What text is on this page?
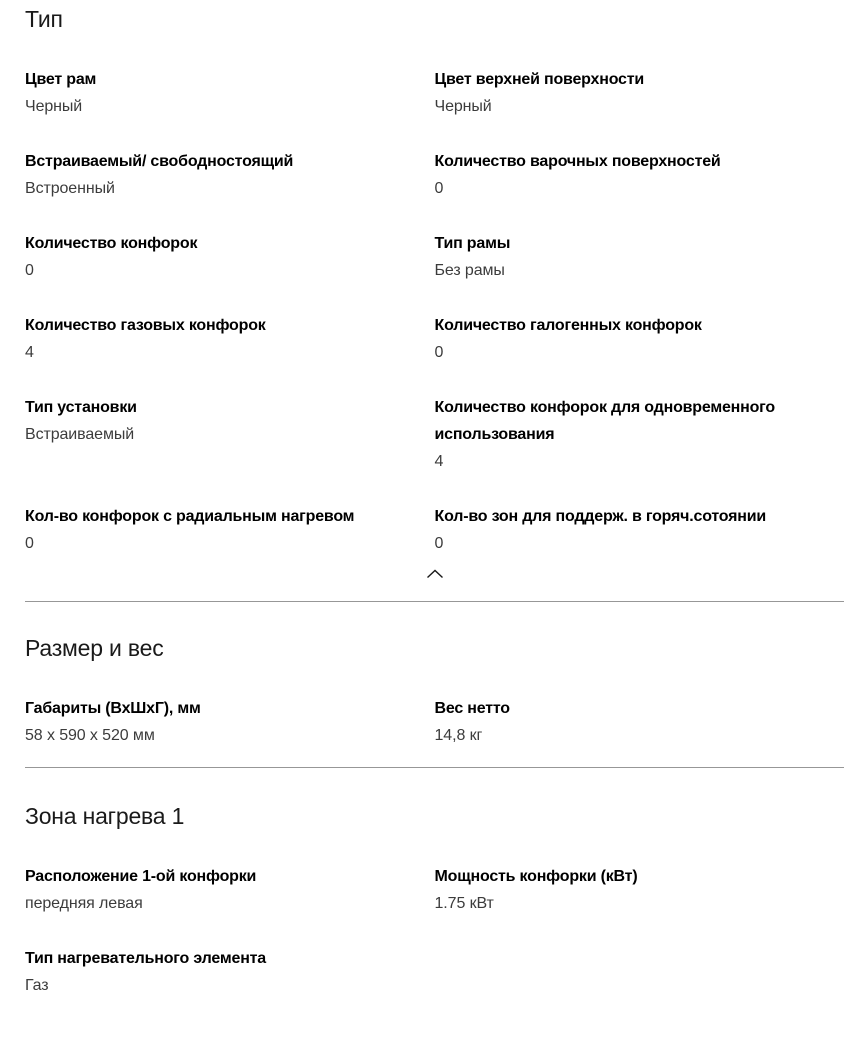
Тип
Цвет рам
Черный
Цвет верхней поверхности
Черный
Встраиваемый/ свободностоящий
Встроенный
Количество варочных поверхностей
0
Количество конфорок
0
Тип рамы
Без рамы
Количество газовых конфорок
4
Количество галогенных конфорок
0
Тип установки
Встраиваемый
Количество конфорок для одновременного использования
4
Кол-во конфорок с радиальным нагревом
0
Кол-во зон для поддерж. в горяч.сотоянии
0
Размер и вес
Габариты (ВхШхГ), мм
58 x 590 x 520 мм
Вес нетто
14,8 кг
Зона нагрева 1
Расположение 1-ой конфорки
передняя левая
Мощность конфорки (кВт)
1.75 кВт
Тип нагревательного элемента
Газ
